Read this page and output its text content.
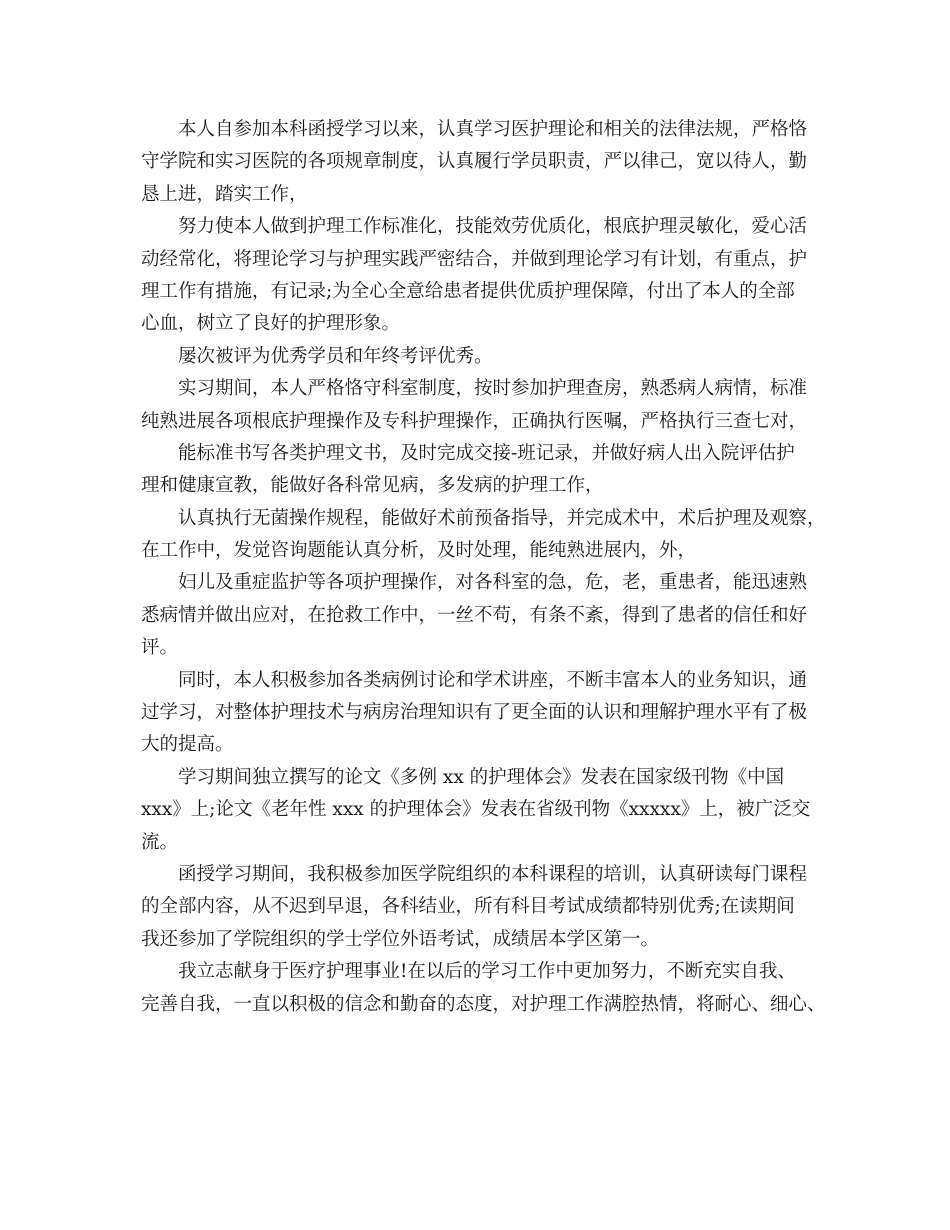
本人自参加本科函授学习以来，认真学习医护理论和相关的法律法规，严格恪
守学院和实习医院的各项规章制度，认真履行学员职责，严以律己，宽以待人，勤
恳上进，踏实工作，
努力使本人做到护理工作标准化，技能效劳优质化，根底护理灵敏化，爱心活
动经常化，将理论学习与护理实践严密结合，并做到理论学习有计划，有重点，护
理工作有措施，有记录;为全心全意给患者提供优质护理保障，付出了本人的全部
心血，树立了良好的护理形象。
屡次被评为优秀学员和年终考评优秀。
实习期间，本人严格恪守科室制度，按时参加护理查房，熟悉病人病情，标准
纯熟进展各项根底护理操作及专科护理操作，正确执行医嘱，严格执行三查七对，
能标准书写各类护理文书，及时完成交接-班记录，并做好病人出入院评估护
理和健康宣教，能做好各科常见病，多发病的护理工作，
认真执行无菌操作规程，能做好术前预备指导，并完成术中，术后护理及观察，
在工作中，发觉咨询题能认真分析，及时处理，能纯熟进展内，外，
妇儿及重症监护等各项护理操作，对各科室的急，危，老，重患者，能迅速熟
悉病情并做出应对，在抢救工作中，一丝不苟，有条不紊，得到了患者的信任和好
评。
同时，本人积极参加各类病例讨论和学术讲座，不断丰富本人的业务知识，通
过学习，对整体护理技术与病房治理知识有了更全面的认识和理解护理水平有了极
大的提高。
学习期间独立撰写的论文《多例 xx 的护理体会》发表在国家级刊物《中国
xxx》上;论文《老年性 xxx 的护理体会》发表在省级刊物《xxxxx》上，被广泛交
流。
函授学习期间，我积极参加医学院组织的本科课程的培训，认真研读每门课程
的全部内容，从不迟到早退，各科结业，所有科目考试成绩都特别优秀;在读期间
我还参加了学院组织的学士学位外语考试，成绩居本学区第一。
我立志献身于医疗护理事业!在以后的学习工作中更加努力，不断充实自我、
完善自我，一直以积极的信念和勤奋的态度，对护理工作满腔热情，将耐心、细心、
